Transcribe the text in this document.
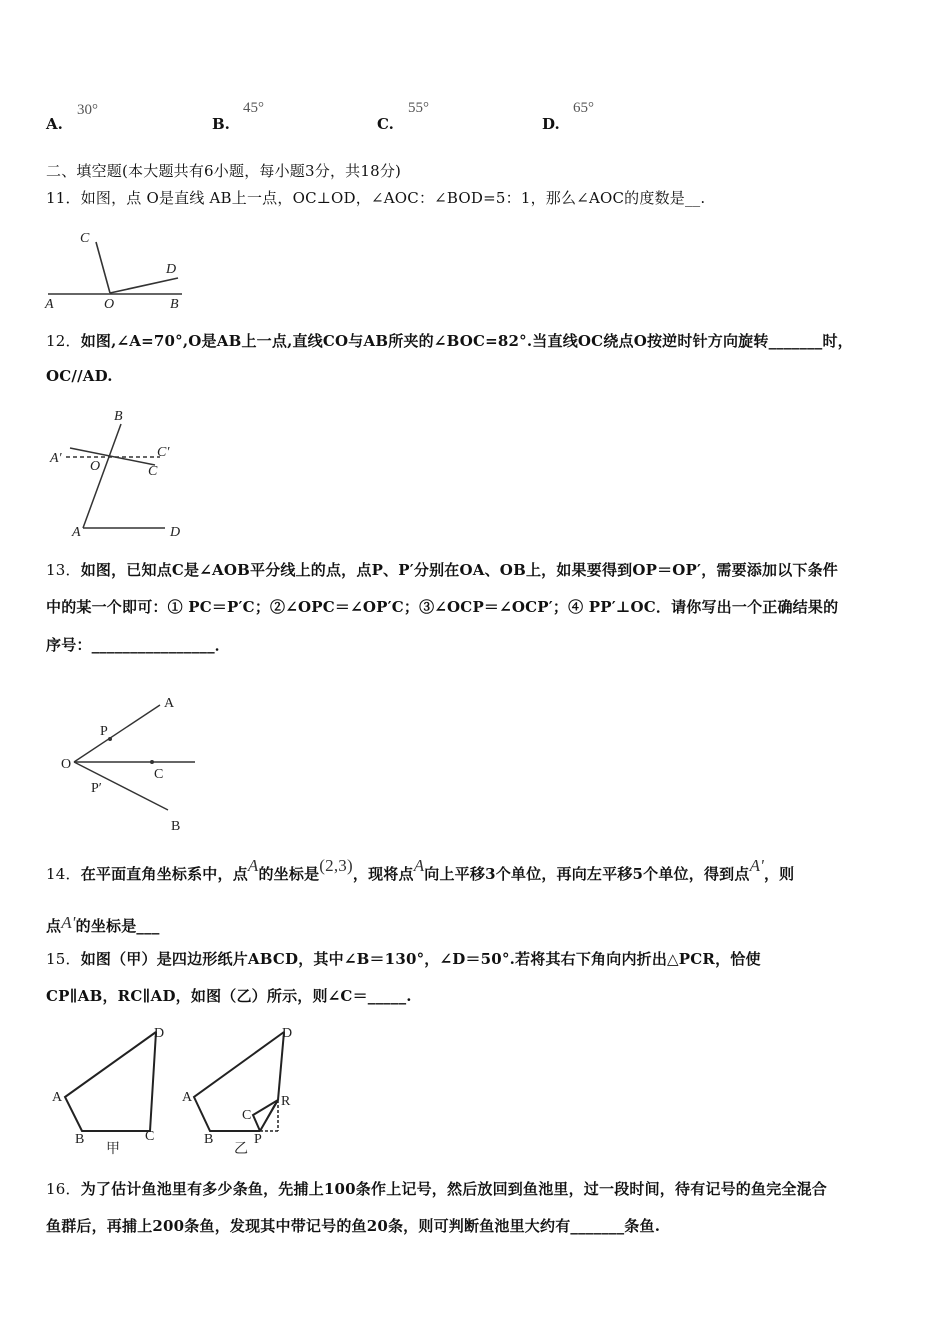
A.
30°
B.
45°
C.
55°
D.
65°
二、填空题(本大题共有6小题，每小题3分，共18分)
11．如图，点 O是直线 AB上一点，OC⊥OD，∠AOC：∠BOD=5：1，那么∠AOC的度数是__.
A	O	B
C
D
12．如图,∠A=70°,O是AB上一点,直线CO与AB所夹的∠BOC=82°.当直线OC绕点O按逆时针方向旋转_______时，
OC//AD.
B
A′
O
C′
C
A	D
13．如图，已知点C是∠AOB平分线上的点，点P、P′分别在OA、OB上，如果要得到OP＝OP′，需要添加以下条件
中的某一个即可：① PC＝P′C；②∠OPC＝∠OP′C；③∠OCP＝∠OCP′；④ PP′⊥OC．请你写出一个正确结果的
序号：________________．
O
A
P
C
P′
B
14．在平面直角坐标系中，点A的坐标是(2,3)，现将点A向上平移3个单位，再向左平移5个单位，得到点A'，则
点A'的坐标是___
15．如图（甲）是四边形纸片ABCD，其中∠B＝130°，∠D＝50°.若将其右下角向内折出△PCR，恰使
CP∥AB，RC∥AD，如图（乙）所示，则∠C＝_____.
A
B	C
D
甲
A
B
C
D
P
R
乙
16．为了估计鱼池里有多少条鱼，先捕上100条作上记号，然后放回到鱼池里，过一段时间，待有记号的鱼完全混合
鱼群后，再捕上200条鱼，发现其中带记号的鱼20条，则可判断鱼池里大约有_______条鱼.
